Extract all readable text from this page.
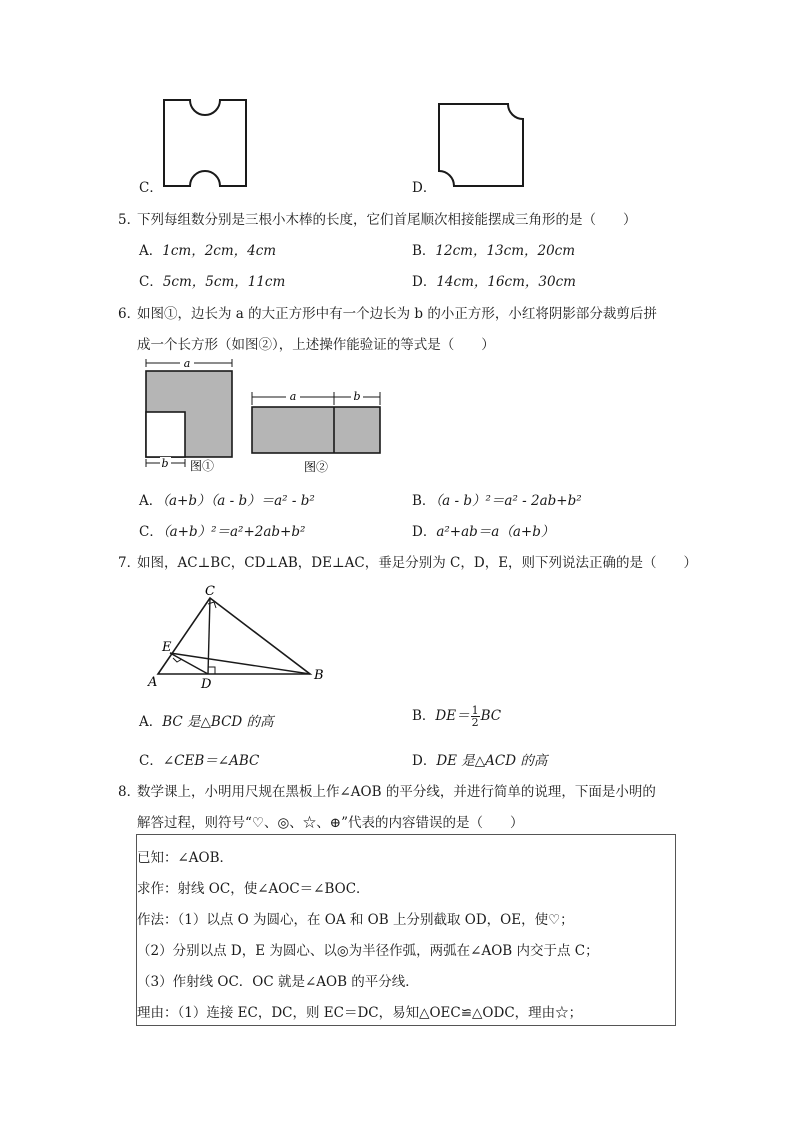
C．	D．
5．
下列每组数分别是三根小木棒的长度，它们首尾顺次相接能摆成三角形的是（　　）
A．1cm，2cm，4cm	B．12cm，13cm，20cm
C．5cm，5cm，11cm	D．14cm，16cm，30cm
6．
如图①，边长为 a 的大正方形中有一个边长为 b 的小正方形，小红将阴影部分裁剪后拼
成一个长方形（如图②），上述操作能验证的等式是（　　）
a
b 图①
a	b
图②
A．（a+b）（a - b）＝a² - b²	B．（a - b）²＝a² - 2ab+b²
C．（a+b）²＝a²+2ab+b²	D．a²+ab＝a（a+b）
7．
如图，AC⊥BC，CD⊥AB，DE⊥AC，垂足分别为 C，D，E，则下列说法正确的是（　　）
A	B
C
D
E
A．BC 是△BCD 的高	B．$DE= \frac{1}{2}$ BC
C．∠CEB＝∠ABC	D．DE 是△ACD 的高
8．
数学课上，小明用尺规在黑板上作∠AOB 的平分线，并进行简单的说理，下面是小明的
解答过程，则符号“♡、◎、☆、⊕”代表的内容错误的是（　　）
已知：∠AOB．
求作：射线 OC，使∠AOC＝∠BOC．
作法：（1）以点 O 为圆心，在 OA 和 OB 上分别截取 OD，OE，使♡；
（2）分别以点 D，E 为圆心、以◎为半径作弧，两弧在∠AOB 内交于点 C；
（3）作射线 OC．OC 就是∠AOB 的平分线．
理由：（1）连接 EC，DC，则 EC＝DC，易知△OEC≌△ODC，理由☆；
